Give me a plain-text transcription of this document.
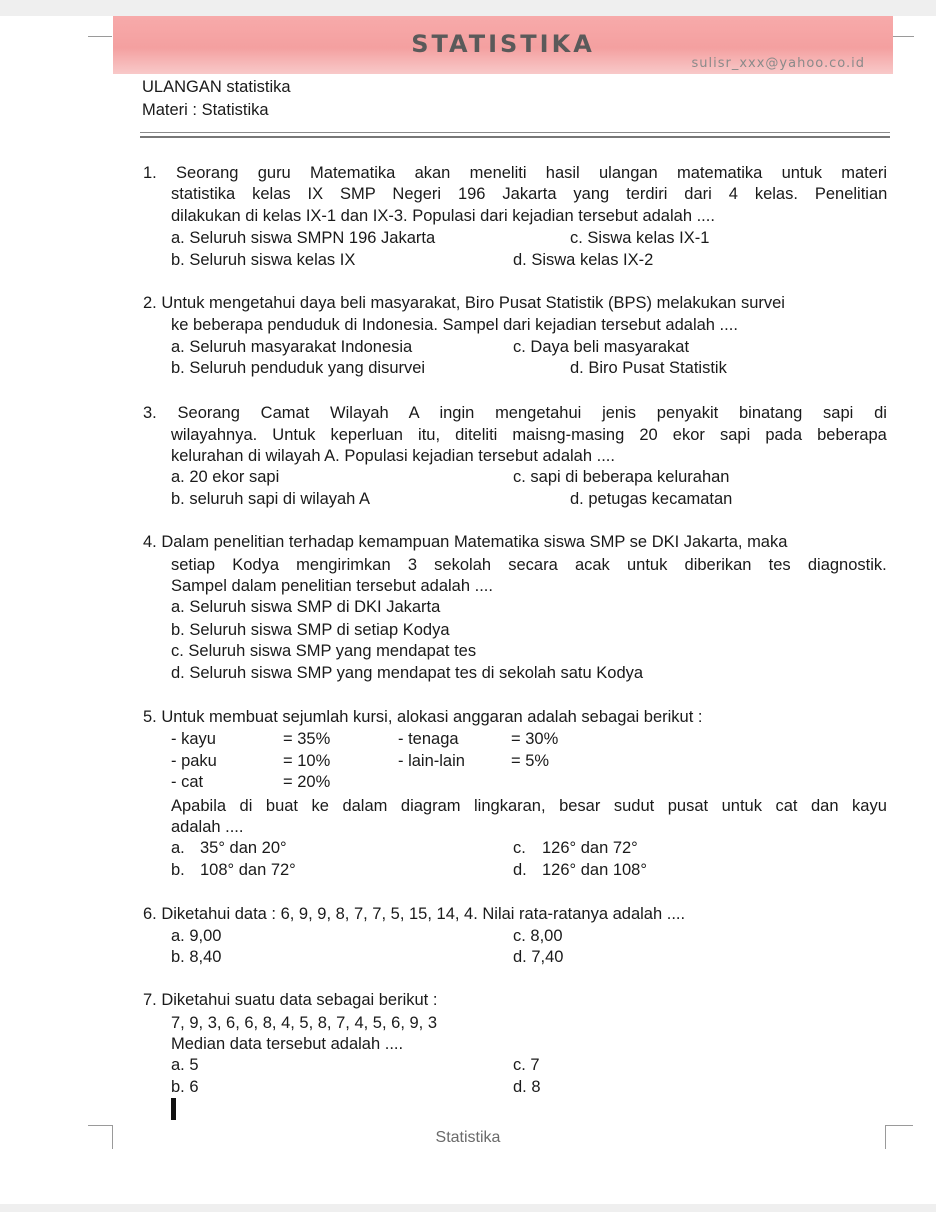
STATISTIKA
sulisr_xxx@yahoo.co.id
ULANGAN statistika
Materi : Statistika
1. Seorang guru Matematika akan meneliti hasil ulangan matematika untuk materi
statistika kelas IX SMP Negeri 196 Jakarta yang terdiri dari 4 kelas. Penelitian
dilakukan di kelas IX-1 dan IX-3. Populasi dari kejadian tersebut adalah ....
a. Seluruh siswa SMPN 196 Jakarta	c. Siswa kelas IX-1
b. Seluruh siswa kelas IX	d. Siswa kelas IX-2
2. Untuk mengetahui daya beli masyarakat, Biro Pusat Statistik (BPS) melakukan survei
ke beberapa penduduk di Indonesia. Sampel dari kejadian tersebut adalah ....
a. Seluruh masyarakat Indonesia	c. Daya beli masyarakat
b. Seluruh penduduk yang disurvei	d. Biro Pusat Statistik
3. Seorang Camat Wilayah A ingin mengetahui jenis penyakit binatang sapi di
wilayahnya. Untuk keperluan itu, diteliti maisng-masing 20 ekor sapi pada beberapa
kelurahan di wilayah A. Populasi kejadian tersebut adalah ....
a. 20 ekor sapi	c. sapi di beberapa kelurahan
b. seluruh sapi di wilayah A	d. petugas kecamatan
4. Dalam penelitian terhadap kemampuan Matematika siswa SMP se DKI Jakarta, maka
setiap Kodya mengirimkan 3 sekolah secara acak untuk diberikan tes diagnostik.
Sampel dalam penelitian tersebut adalah ....
a. Seluruh siswa SMP di DKI Jakarta
b. Seluruh siswa SMP di setiap Kodya
c. Seluruh siswa SMP yang mendapat tes
d. Seluruh siswa SMP yang mendapat tes di sekolah satu Kodya
5. Untuk membuat sejumlah kursi, alokasi anggaran adalah sebagai berikut :
- kayu	= 35%	- tenaga	= 30%
- paku	= 10%	- lain-lain	= 5%
- cat	= 20%
Apabila di buat ke dalam diagram lingkaran, besar sudut pusat untuk cat dan kayu
adalah ....
a. 35° dan 20°	c. 126° dan 72°
b. 108° dan 72°	d. 126° dan 108°
6. Diketahui data : 6, 9, 9, 8, 7, 7, 5, 15, 14, 4. Nilai rata-ratanya adalah ....
a. 9,00	c. 8,00
b. 8,40	d. 7,40
7. Diketahui suatu data sebagai berikut :
7, 9, 3, 6, 6, 8, 4, 5, 8, 7, 4, 5, 6, 9, 3
Median data tersebut adalah ....
a. 5	c. 7
b. 6	d. 8
Statistika
